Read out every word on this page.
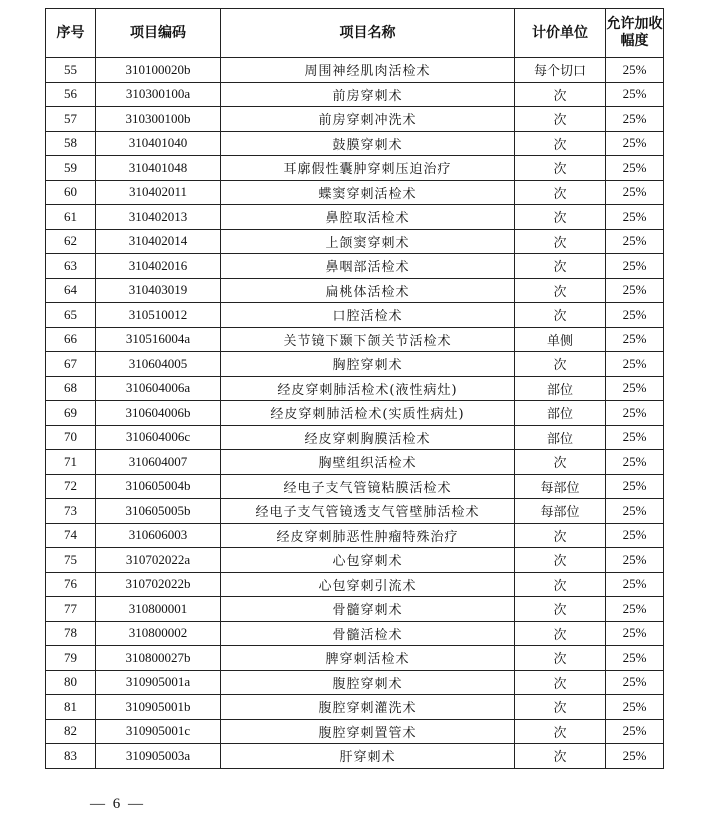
序号	项目编码	项目名称	计价单位	允许加收幅度
55	310100020b	周围神经肌肉活检术	每个切口	25%
56	310300100a	前房穿刺术	次	25%
57	310300100b	前房穿刺冲洗术	次	25%
58	310401040	鼓膜穿刺术	次	25%
59	310401048	耳廓假性囊肿穿刺压迫治疗	次	25%
60	310402011	蝶窦穿刺活检术	次	25%
61	310402013	鼻腔取活检术	次	25%
62	310402014	上颌窦穿刺术	次	25%
63	310402016	鼻咽部活检术	次	25%
64	310403019	扁桃体活检术	次	25%
65	310510012	口腔活检术	次	25%
66	310516004a	关节镜下颞下颌关节活检术	单侧	25%
67	310604005	胸腔穿刺术	次	25%
68	310604006a	经皮穿刺肺活检术(液性病灶)	部位	25%
69	310604006b	经皮穿刺肺活检术(实质性病灶)	部位	25%
70	310604006c	经皮穿刺胸膜活检术	部位	25%
71	310604007	胸壁组织活检术	次	25%
72	310605004b	经电子支气管镜粘膜活检术	每部位	25%
73	310605005b	经电子支气管镜透支气管壁肺活检术	每部位	25%
74	310606003	经皮穿刺肺恶性肿瘤特殊治疗	次	25%
75	310702022a	心包穿刺术	次	25%
76	310702022b	心包穿刺引流术	次	25%
77	310800001	骨髓穿刺术	次	25%
78	310800002	骨髓活检术	次	25%
79	310800027b	脾穿刺活检术	次	25%
80	310905001a	腹腔穿刺术	次	25%
81	310905001b	腹腔穿刺灌洗术	次	25%
82	310905001c	腹腔穿刺置管术	次	25%
83	310905003a	肝穿刺术	次	25%
— 6 —
